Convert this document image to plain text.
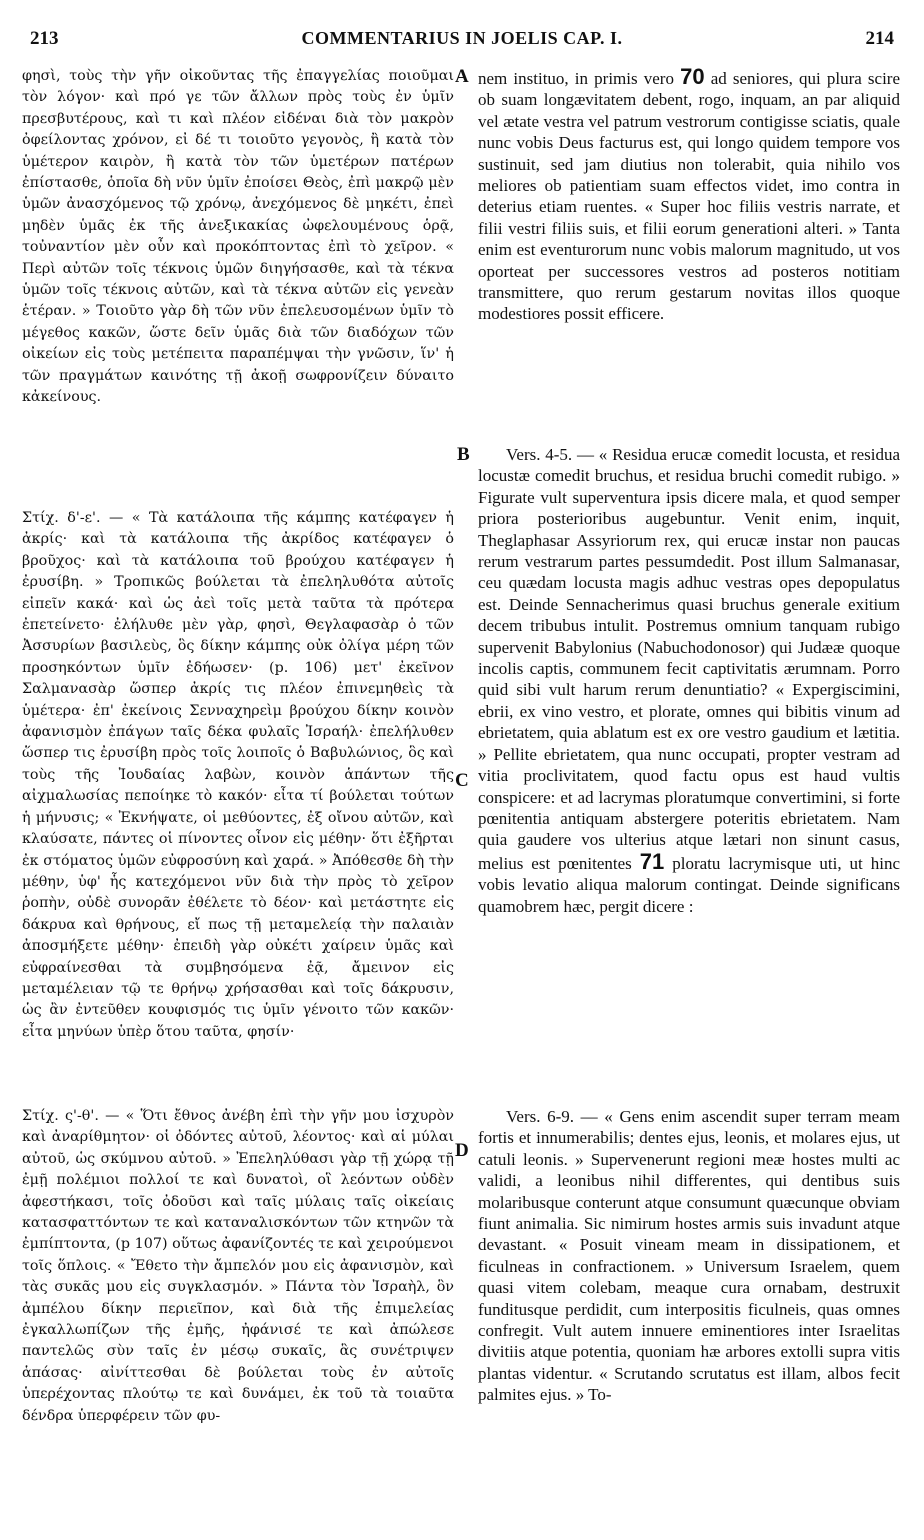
213	COMMENTARIUS IN JOELIS CAP. I.	214

φησὶ, τοὺς τὴν γῆν οἰκοῦντας τῆς ἐπαγγελίας ποιοῦμαι τὸν λόγον· καὶ πρό γε τῶν ἄλλων πρὸς τοὺς ἐν ὑμῖν πρεσβυτέρους, καὶ τι καὶ πλέον εἰδέναι διὰ τὸν μακρὸν ὀφείλοντας χρόνον, εἰ δέ τι τοιοῦτο γεγονὸς, ἢ κατὰ τὸν ὑμέτερον καιρὸν, ἢ κατὰ τὸν τῶν ὑμετέρων πατέρων ἐπίστασθε, ὁποῖα δὴ νῦν ὑμῖν ἐποίσει Θεὸς, ἐπὶ μακρῷ μὲν ὑμῶν ἀνασχόμενος τῷ χρόνῳ, ἀνεχόμενος δὲ μηκέτι, ἐπεὶ μηδὲν ὑμᾶς ἐκ τῆς ἀνεξικακίας ὠφελουμένους ὁρᾷ, τοὐναντίον μὲν οὖν καὶ προκόπτοντας ἐπὶ τὸ χεῖρον. « Περὶ αὐτῶν τοῖς τέκνοις ὑμῶν διηγήσασθε, καὶ τὰ τέκνα ὑμῶν τοῖς τέκνοις αὐτῶν, καὶ τὰ τέκνα αὐτῶν εἰς γενεὰν ἑτέραν. » Τοιοῦτο γὰρ δὴ τῶν νῦν ἐπελευσομένων ὑμῖν τὸ μέγεθος κακῶν, ὥστε δεῖν ὑμᾶς διὰ τῶν διαδόχων τῶν οἰκείων εἰς τοὺς μετέπειτα παραπέμψαι τὴν γνῶσιν, ἵν' ἡ τῶν πραγμάτων καινότης τῇ ἀκοῇ σωφρονίζειν δύναιτο κἀκείνους.

Στίχ. δ'-ε'. — « Τὰ κατάλοιπα τῆς κάμπης κατέφαγεν ἡ ἀκρίς· καὶ τὰ κατάλοιπα τῆς ἀκρίδος κατέφαγεν ὁ βροῦχος· καὶ τὰ κατάλοιπα τοῦ βρούχου κατέφαγεν ἡ ἐρυσίβη. » Τροπικῶς βούλεται τὰ ἐπεληλυθότα αὐτοῖς εἰπεῖν κακά· καὶ ὡς ἀεὶ τοῖς μετὰ ταῦτα τὰ πρότερα ἐπετείνετο· ἐλήλυθε μὲν γὰρ, φησὶ, Θεγλαφασὰρ ὁ τῶν Ἀσσυρίων βασιλεὺς, ὃς δίκην κάμπης οὐκ ὀλίγα μέρη τῶν προσηκόντων ὑμῖν ἐδήωσεν· (p. 106) μετ' ἐκεῖνον Σαλμανασὰρ ὥσπερ ἀκρίς τις πλέον ἐπινεμηθεὶς τὰ ὑμέτερα· ἐπ' ἐκείνοις Σενναχηρεὶμ βρούχου δίκην κοινὸν ἀφανισμὸν ἐπάγων ταῖς δέκα φυλαῖς Ἰσραήλ· ἐπελήλυθεν ὥσπερ τις ἐρυσίβη πρὸς τοῖς λοιποῖς ὁ Βαβυλώνιος, ὃς καὶ τοὺς τῆς Ἰουδαίας λαβὼν, κοινὸν ἁπάντων τῆς αἰχμαλωσίας πεποίηκε τὸ κακόν· εἶτα τί βούλεται τούτων ἡ μήνυσις; « Ἐκνήψατε, οἱ μεθύοντες, ἐξ οἴνου αὐτῶν, καὶ κλαύσατε, πάντες οἱ πίνοντες οἶνον εἰς μέθην· ὅτι ἐξῆρται ἐκ στόματος ὑμῶν εὐφροσύνη καὶ χαρά. » Ἀπόθεσθε δὴ τὴν μέθην, ὑφ' ἧς κατεχόμενοι νῦν διὰ τὴν πρὸς τὸ χεῖρον ῥοπὴν, οὐδὲ συνορᾶν ἐθέλετε τὸ δέον· καὶ μετάστητε εἰς δάκρυα καὶ θρήνους, εἴ πως τῇ μεταμελείᾳ τὴν παλαιὰν ἀποσμήξετε μέθην· ἐπειδὴ γὰρ οὐκέτι χαίρειν ὑμᾶς καὶ εὐφραίνεσθαι τὰ συμβησόμενα ἐᾷ, ἄμεινον εἰς μεταμέλειαν τῷ τε θρήνῳ χρήσασθαι καὶ τοῖς δάκρυσιν, ὡς ἂν ἐντεῦθεν κουφισμός τις ὑμῖν γένοιτο τῶν κακῶν· εἶτα μηνύων ὑπὲρ ὅτου ταῦτα, φησίν·

Στίχ. ς'-θ'. — « Ὅτι ἔθνος ἀνέβη ἐπὶ τὴν γῆν μου ἰσχυρὸν καὶ ἀναρίθμητον· οἱ ὀδόντες αὐτοῦ, λέοντος· καὶ αἱ μύλαι αὐτοῦ, ὡς σκύμνου αὐτοῦ. » Ἐπεληλύθασι γὰρ τῇ χώρᾳ τῇ ἐμῇ πολέμιοι πολλοί τε καὶ δυνατοὶ, οἳ λεόντων οὐδὲν ἀφεστήκασι, τοῖς ὀδοῦσι καὶ ταῖς μύλαις ταῖς οἰκείαις κατασφαττόντων τε καὶ καταναλισκόντων τῶν κτηνῶν τὰ ἐμπίπτοντα, (p 107) οὕτως ἀφανίζοντές τε καὶ χειρούμενοι τοῖς ὅπλοις. « Ἔθετο τὴν ἄμπελόν μου εἰς ἀφανισμὸν, καὶ τὰς συκᾶς μου εἰς συγκλασμόν. » Πάντα τὸν Ἰσραὴλ, ὃν ἀμπέλου δίκην περιεῖπον, καὶ διὰ τῆς ἐπιμελείας ἐγκαλλωπίζων τῆς ἐμῆς, ἠφάνισέ τε καὶ ἀπώλεσε παντελῶς σὺν ταῖς ἐν μέσῳ συκαῖς, ἃς συνέτριψεν ἁπάσας· αἰνίττεσθαι δὲ βούλεται τοὺς ἐν αὐτοῖς ὑπερέχοντας πλούτῳ τε καὶ δυνάμει, ἐκ τοῦ τὰ τοιαῦτα δένδρα ὑπερφέρειν τῶν φυ-

A
B
C
D

nem instituo, in primis vero 70 ad seniores, qui plura scire ob suam longævitatem debent, rogo, inquam, an par aliquid vel ætate vestra vel patrum vestrorum contigisse sciatis, quale nunc vobis Deus facturus est, qui longo quidem tempore vos sustinuit, sed jam diutius non tolerabit, quia nihilo vos meliores ob patientiam suam effectos videt, imo contra in deterius etiam ruentes. « Super hoc filiis vestris narrate, et filii vestri filiis suis, et filii eorum generationi alteri. » Tanta enim est eventurorum nunc vobis malorum magnitudo, ut vos oporteat per successores vestros ad posteros notitiam transmittere, quo rerum gestarum novitas illos quoque modestiores possit efficere.

Vers. 4-5. — « Residua erucæ comedit locusta, et residua locustæ comedit bruchus, et residua bruchi comedit rubigo. » Figurate vult superventura ipsis dicere mala, et quod semper priora posterioribus augebuntur. Venit enim, inquit, Theglaphasar Assyriorum rex, qui erucæ instar non paucas rerum vestrarum partes pessumdedit. Post illum Salmanasar, ceu quædam locusta magis adhuc vestras opes depopulatus est. Deinde Sennacherimus quasi bruchus generale exitium decem tribubus intulit. Postremus omnium tanquam rubigo supervenit Babylonius (Nabuchodonosor) qui Judææ quoque incolis captis, communem fecit captivitatis ærumnam. Porro quid sibi vult harum rerum denuntiatio? « Expergiscimini, ebrii, ex vino vestro, et plorate, omnes qui bibitis vinum ad ebrietatem, quia ablatum est ex ore vestro gaudium et lætitia. » Pellite ebrietatem, qua nunc occupati, propter vestram ad vitia proclivitatem, quod factu opus est haud vultis conspicere: et ad lacrymas ploratumque convertimini, si forte pœnitentia antiquam abstergere poteritis ebrietatem. Nam quia gaudere vos ulterius atque lætari non sinunt casus, melius est pœnitentes 71 ploratu lacrymisque uti, ut hinc vobis levatio aliqua malorum contingat. Deinde significans quamobrem hæc, pergit dicere :

Vers. 6-9. — « Gens enim ascendit super terram meam fortis et innumerabilis; dentes ejus, leonis, et molares ejus, ut catuli leonis. » Supervenerunt regioni meæ hostes multi ac validi, a leonibus nihil differentes, qui dentibus suis molaribusque conterunt atque consumunt quæcunque obviam fiunt animalia. Sic nimirum hostes armis suis invadunt atque devastant. « Posuit vineam meam in dissipationem, et ficulneas in confractionem. » Universum Israelem, quem quasi vitem colebam, meaque cura ornabam, destruxit funditusque perdidit, cum interpositis ficulneis, quas omnes confregit. Vult autem innuere eminentiores inter Israelitas divitiis atque potentia, quoniam hæ arbores extolli supra vitis plantas videntur. « Scrutando scrutatus est illam, albos fecit palmites ejus. » To-
